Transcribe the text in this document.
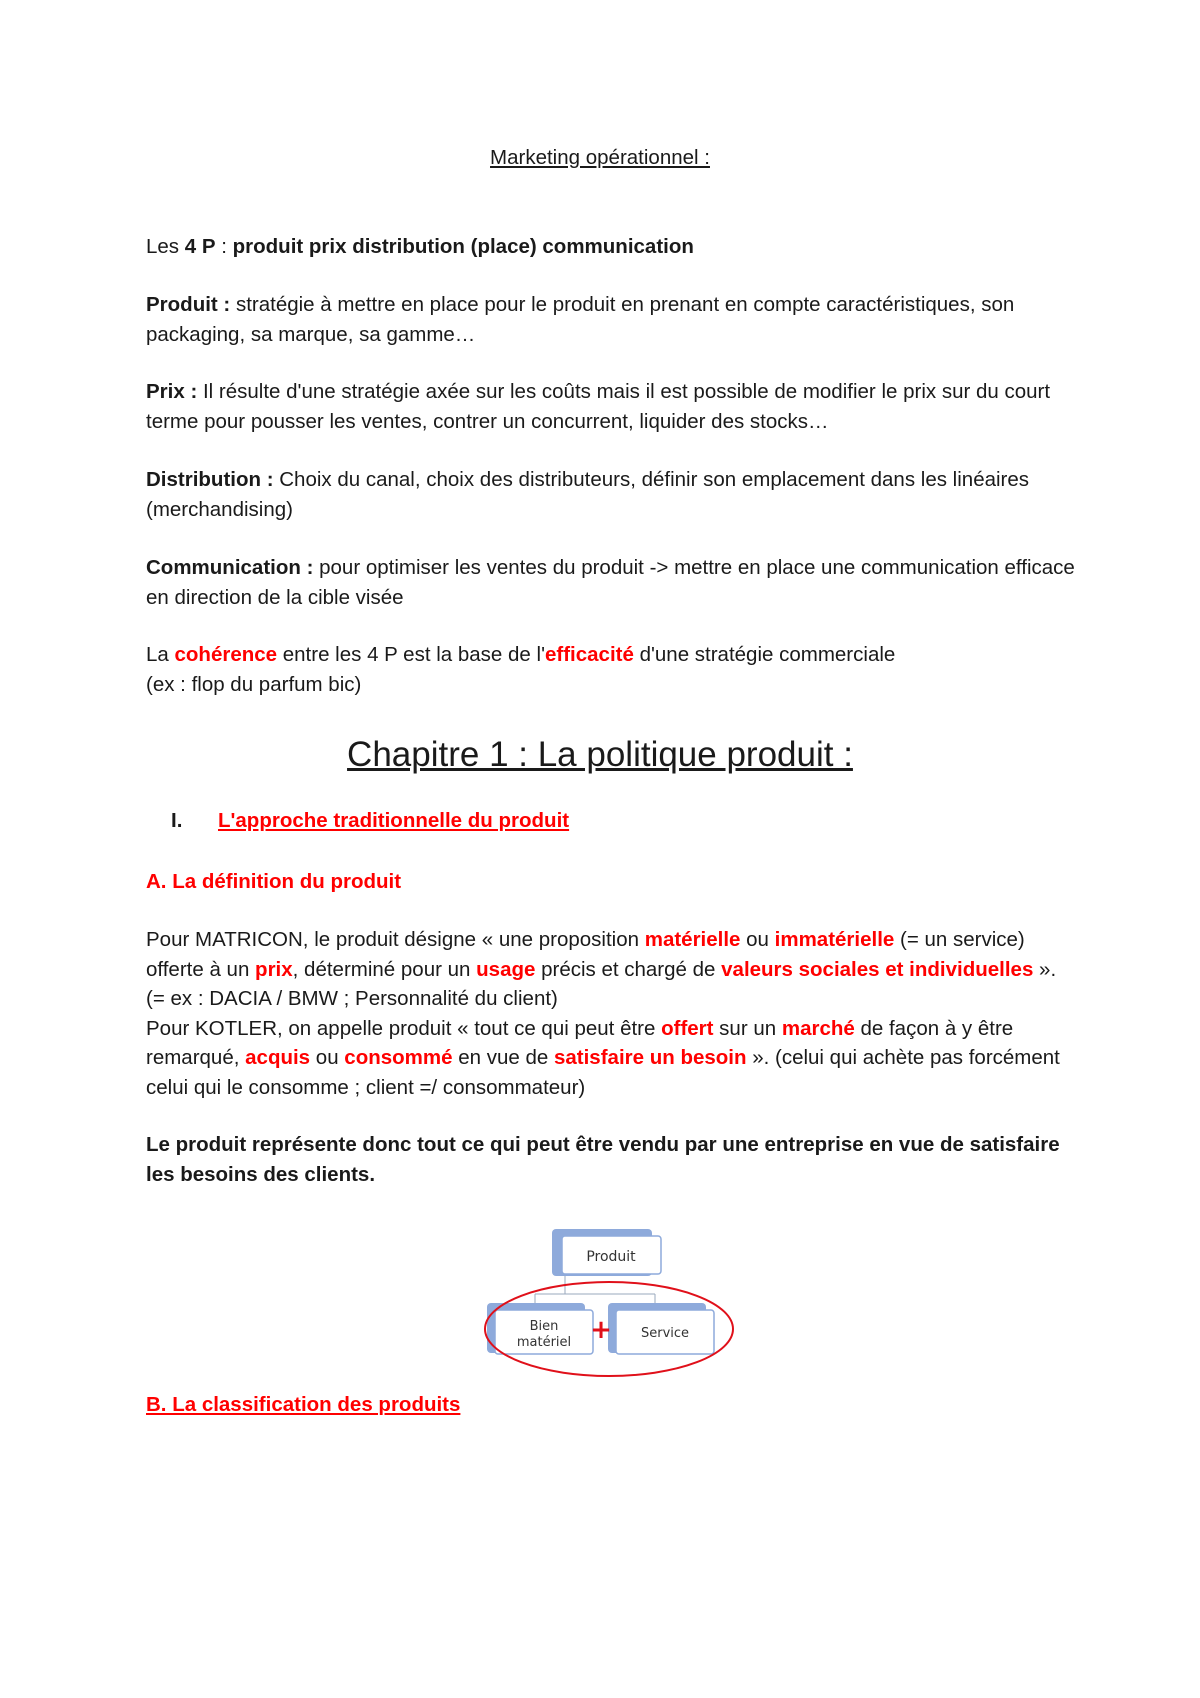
Marketing opérationnel :
Les 4 P : produit prix distribution (place) communication
Produit : stratégie à mettre en place pour le produit en prenant en compte caractéristiques, son packaging, sa marque, sa gamme…
Prix : Il résulte d'une stratégie axée sur les coûts mais il est possible de modifier le prix sur du court terme pour pousser les ventes, contrer un concurrent, liquider des stocks…
Distribution : Choix du canal, choix des distributeurs, définir son emplacement dans les linéaires (merchandising)
Communication : pour optimiser les ventes du produit -> mettre en place une communication efficace en direction de la cible visée
La cohérence entre les 4 P est la base de l'efficacité d'une stratégie commerciale
(ex : flop du parfum bic)
Chapitre 1 : La politique produit :
I. L'approche traditionnelle du produit
A. La définition du produit
Pour MATRICON, le produit désigne « une proposition matérielle ou immatérielle (= un service) offerte à un prix, déterminé pour un usage précis et chargé de valeurs sociales et individuelles ». (= ex : DACIA / BMW ; Personnalité du client)
Pour KOTLER, on appelle produit « tout ce qui peut être offert sur un marché de façon à y être remarqué, acquis ou consommé en vue de satisfaire un besoin ». (celui qui achète pas forcément celui qui le consomme ; client =/ consommateur)
Le produit représente donc tout ce qui peut être vendu par une entreprise en vue de satisfaire les besoins des clients.
Produit
Bien
matériel
Service
+
B. La classification des produits
